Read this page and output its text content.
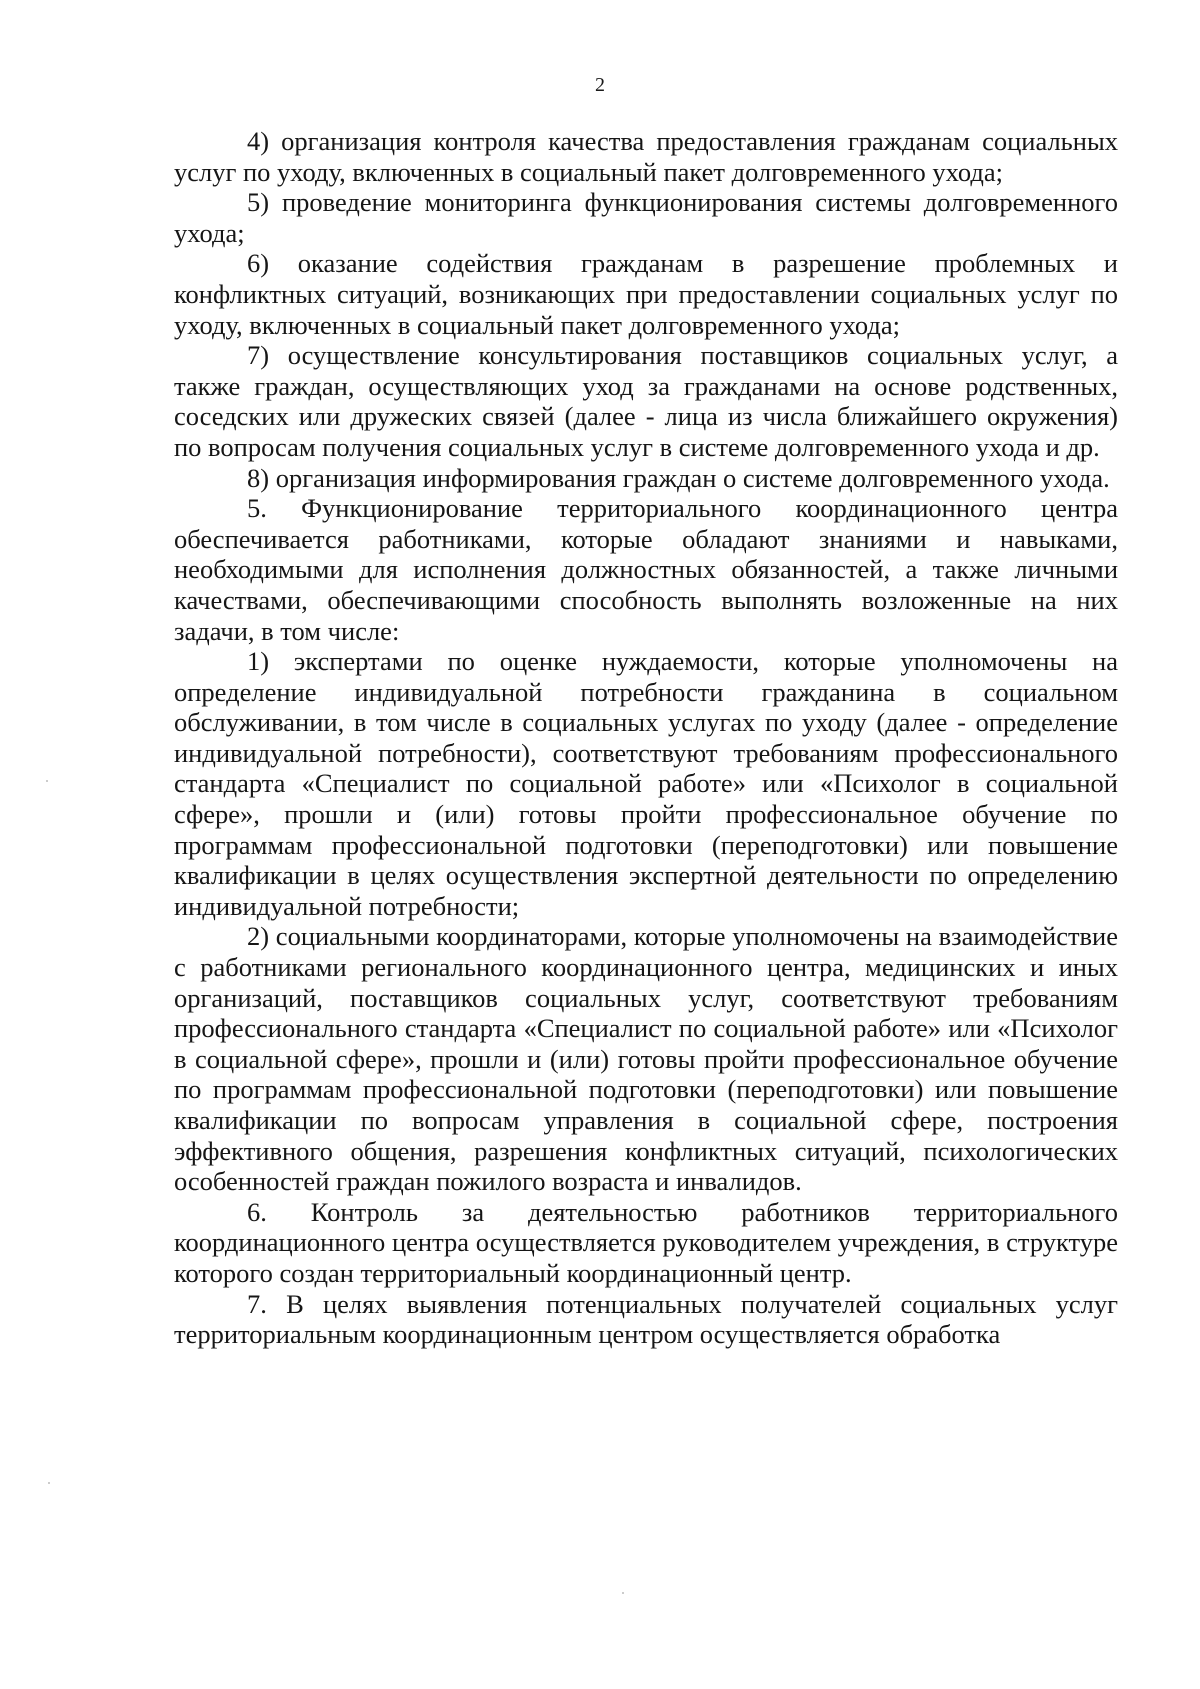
2

4) организация контроля качества предоставления гражданам социальных услуг по уходу, включенных в социальный пакет долговременного ухода;

5) проведение мониторинга функционирования системы долговременного ухода;

6) оказание содействия гражданам в разрешение проблемных и конфликтных ситуаций, возникающих при предоставлении социальных услуг по уходу, включенных в социальный пакет долговременного ухода;

7) осуществление консультирования поставщиков социальных услуг, а также граждан, осуществляющих уход за гражданами на основе родственных, соседских или дружеских связей (далее - лица из числа ближайшего окружения) по вопросам получения социальных услуг в системе долговременного ухода и др.

8) организация информирования граждан о системе долговременного ухода.

5. Функционирование территориального координационного центра обеспечивается работниками, которые обладают знаниями и навыками, необходимыми для исполнения должностных обязанностей, а также личными качествами, обеспечивающими способность выполнять возложенные на них задачи, в том числе:

1) экспертами по оценке нуждаемости, которые уполномочены на определение индивидуальной потребности гражданина в социальном обслуживании, в том числе в социальных услугах по уходу (далее - определение индивидуальной потребности), соответствуют требованиям профессионального стандарта «Специалист по социальной работе» или «Психолог в социальной сфере», прошли и (или) готовы пройти профессиональное обучение по программам профессиональной подготовки (переподготовки) или повышение квалификации в целях осуществления экспертной деятельности по определению индивидуальной потребности;

2) социальными координаторами, которые уполномочены на взаимодействие с работниками регионального координационного центра, медицинских и иных организаций, поставщиков социальных услуг, соответствуют требованиям профессионального стандарта «Специалист по социальной работе» или «Психолог в социальной сфере», прошли и (или) готовы пройти профессиональное обучение по программам профессиональной подготовки (переподготовки) или повышение квалификации по вопросам управления в социальной сфере, построения эффективного общения, разрешения конфликтных ситуаций, психологических особенностей граждан пожилого возраста и инвалидов.

6. Контроль за деятельностью работников территориального координационного центра осуществляется руководителем учреждения, в структуре которого создан территориальный координационный центр.

7. В целях выявления потенциальных получателей социальных услуг территориальным координационным центром осуществляется обработка
